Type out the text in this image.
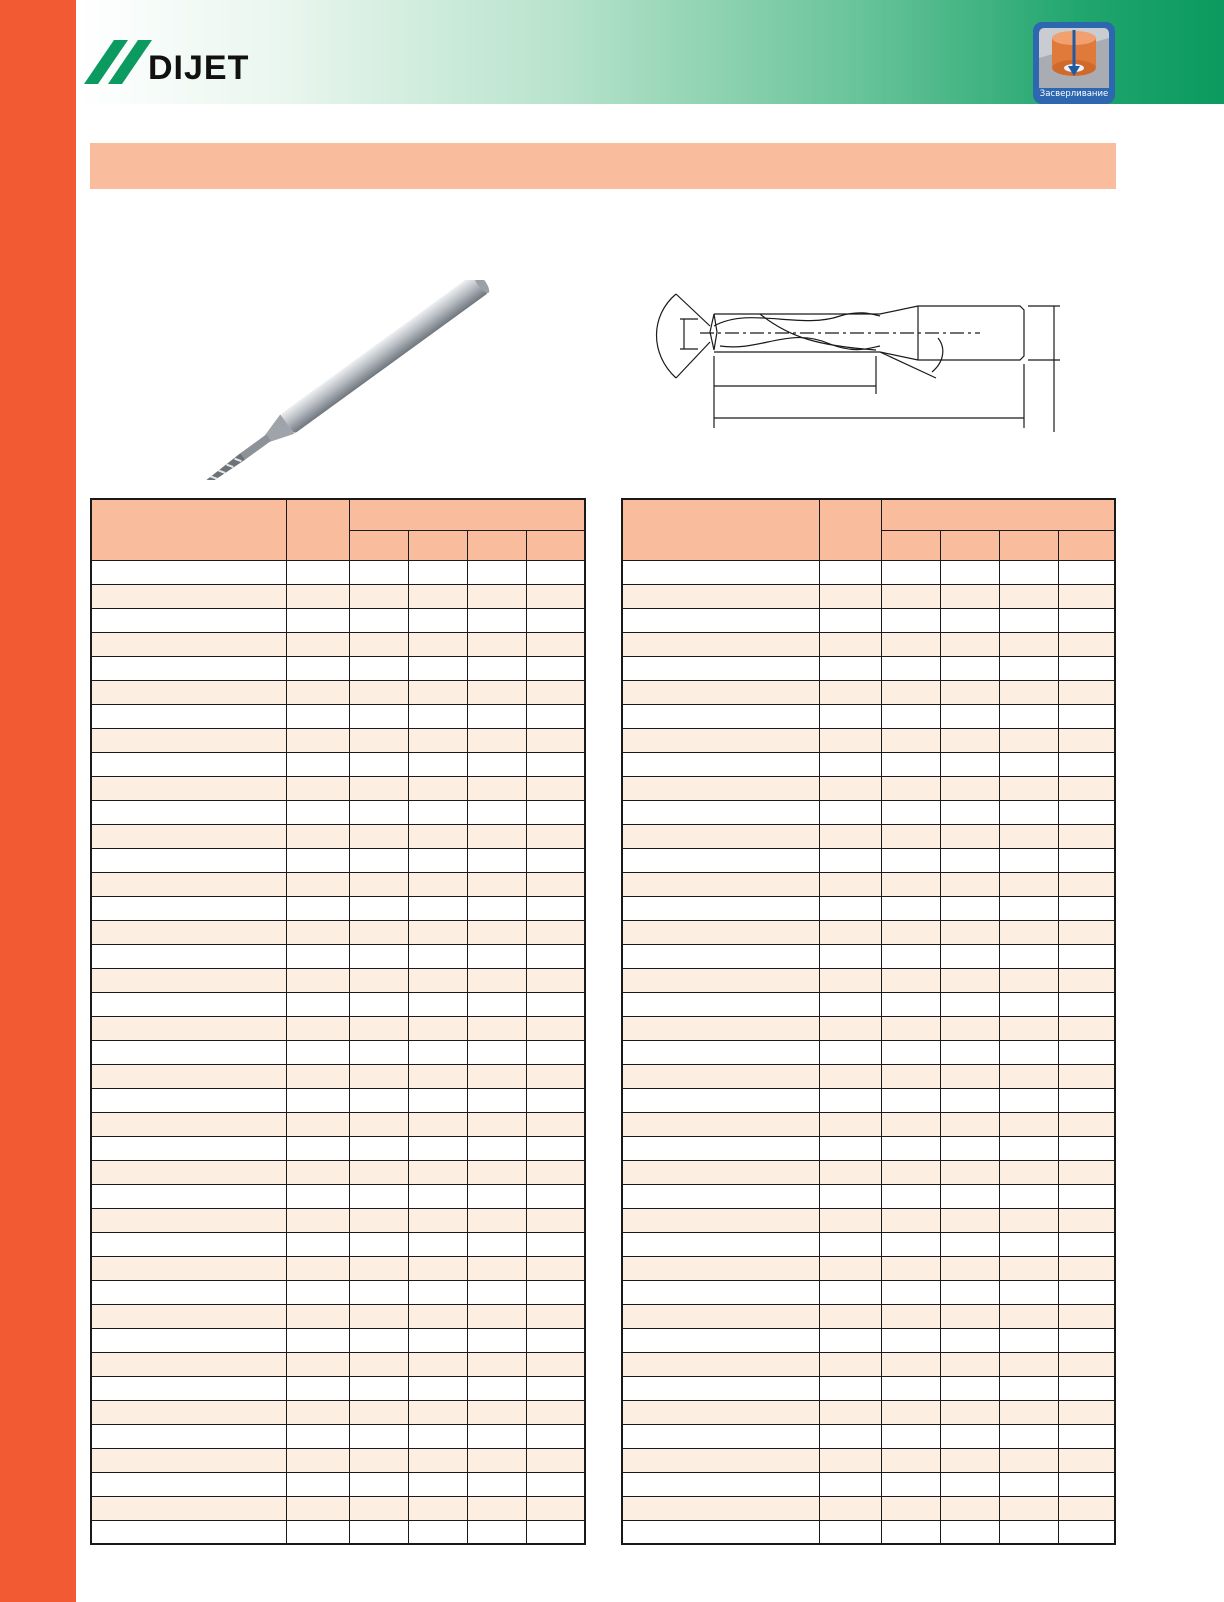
DIJET
Засверливание
